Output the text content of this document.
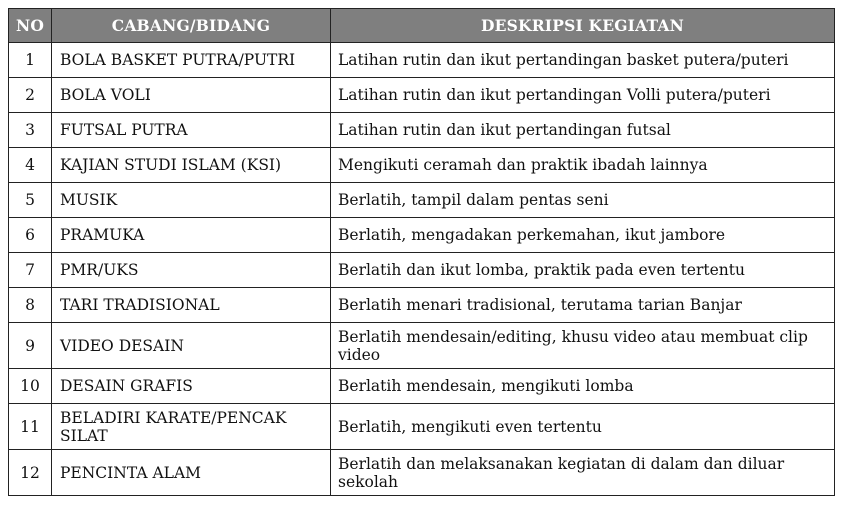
NO	CABANG/BIDANG	DESKRIPSI KEGIATAN
1	BOLA BASKET PUTRA/PUTRI	Latihan rutin dan ikut pertandingan basket putera/puteri
2	BOLA VOLI	Latihan rutin dan ikut pertandingan Volli putera/puteri
3	FUTSAL PUTRA	Latihan rutin dan ikut pertandingan futsal
4	KAJIAN STUDI ISLAM (KSI)	Mengikuti ceramah dan praktik ibadah lainnya
5	MUSIK	Berlatih, tampil dalam pentas seni
6	PRAMUKA	Berlatih, mengadakan perkemahan, ikut jambore
7	PMR/UKS	Berlatih dan ikut lomba, praktik pada even tertentu
8	TARI TRADISIONAL	Berlatih menari tradisional, terutama tarian Banjar
9	VIDEO DESAIN	Berlatih mendesain/editing, khusu video atau membuat clip video
10	DESAIN GRAFIS	Berlatih mendesain, mengikuti lomba
11	BELADIRI KARATE/PENCAK SILAT	Berlatih, mengikuti even tertentu
12	PENCINTA ALAM	Berlatih dan melaksanakan kegiatan di dalam dan diluar sekolah
